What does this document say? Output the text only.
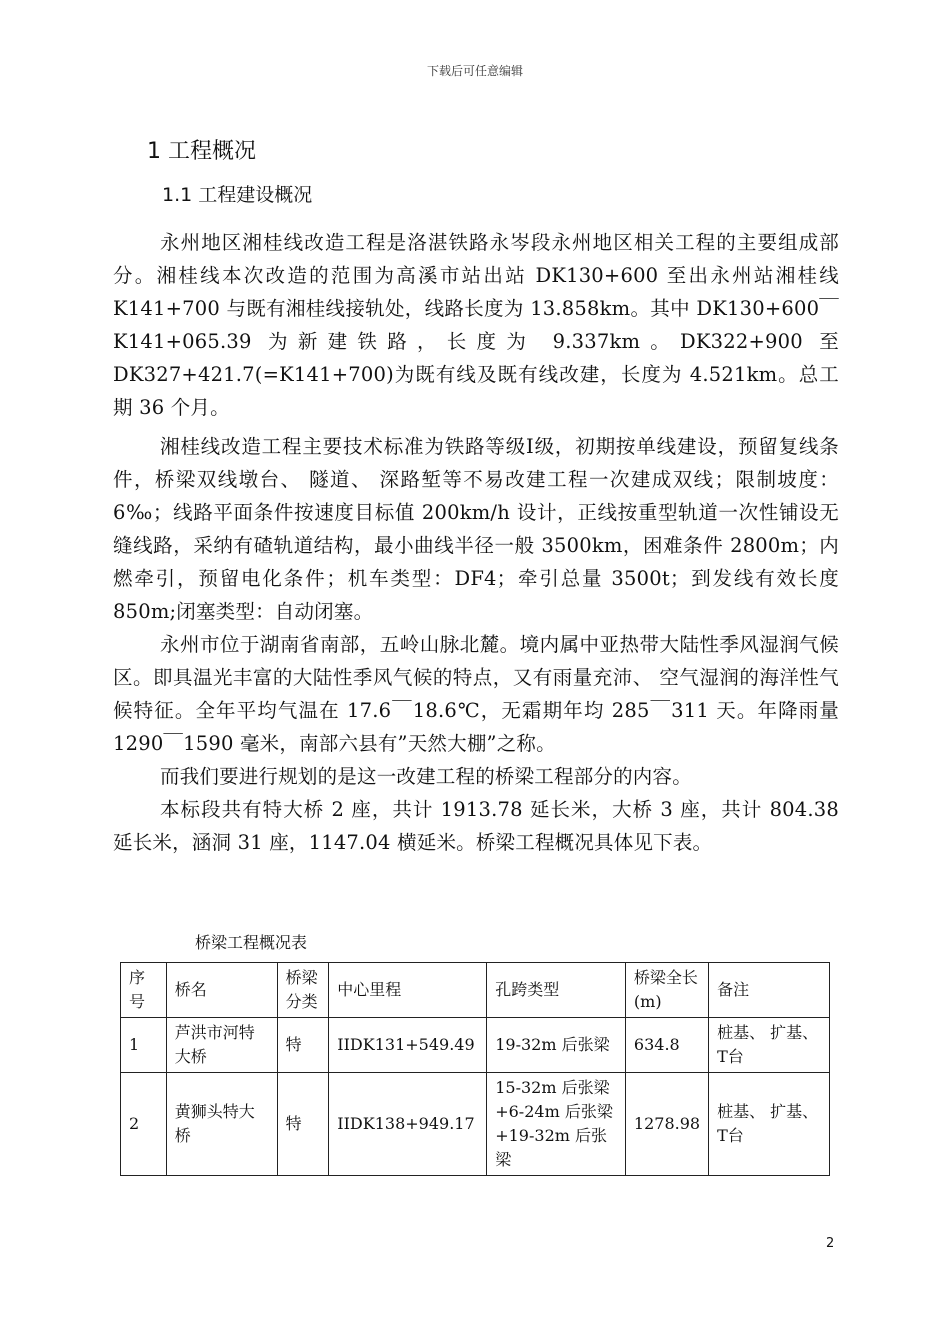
下载后可任意编辑
1 工程概况
1.1 工程建设概况

永州地区湘桂线改造工程是洛湛铁路永岑段永州地区相关工程的主要组成部分。湘桂线本次改造的范围为高溪市站出站 DK130+600 至出永州站湘桂线 K141+700 与既有湘桂线接轨处，线路长度为 13.858km。其中 DK130+600￣K141+065.39 为新建铁路，长度为 9.337km。DK322+900 至 DK327+421.7(=K141+700)为既有线及既有线改建，长度为 4.521km。总工期 36 个月。

湘桂线改造工程主要技术标准为铁路等级Ⅰ级，初期按单线建设，预留复线条件，桥梁双线墩台、 隧道、 深路堑等不易改建工程一次建成双线；限制坡度：6‰；线路平面条件按速度目标值 200km/h 设计，正线按重型轨道一次性铺设无缝线路，采纳有碴轨道结构，最小曲线半径一般 3500km，困难条件 2800m；内燃牵引，预留电化条件；机车类型：DF4；牵引总量 3500t；到发线有效长度 850m;闭塞类型：自动闭塞。

永州市位于湖南省南部，五岭山脉北麓。境内属中亚热带大陆性季风湿润气候区。即具温光丰富的大陆性季风气候的特点，又有雨量充沛、 空气湿润的海洋性气候特征。全年平均气温在 17.6￣18.6℃，无霜期年均 285￣311 天。年降雨量 1290￣1590 毫米，南部六县有”天然大棚”之称。

而我们要进行规划的是这一改建工程的桥梁工程部分的内容。

本标段共有特大桥 2 座，共计 1913.78 延长米，大桥 3 座，共计 804.38 延长米，涵洞 31 座，1147.04 横延米。桥梁工程概况具体见下表。

桥梁工程概况表
序号	桥名	桥梁分类	中心里程	孔跨类型	桥梁全长(m)	备注
1	芦洪市河特大桥	特	IIDK131+549.49	19-32m 后张梁	634.8	桩基、 扩基、T台
2	黄狮头特大桥	特	IIDK138+949.17	15-32m 后张梁+6-24m 后张梁+19-32m 后张梁	1278.98	桩基、 扩基、T台
2
